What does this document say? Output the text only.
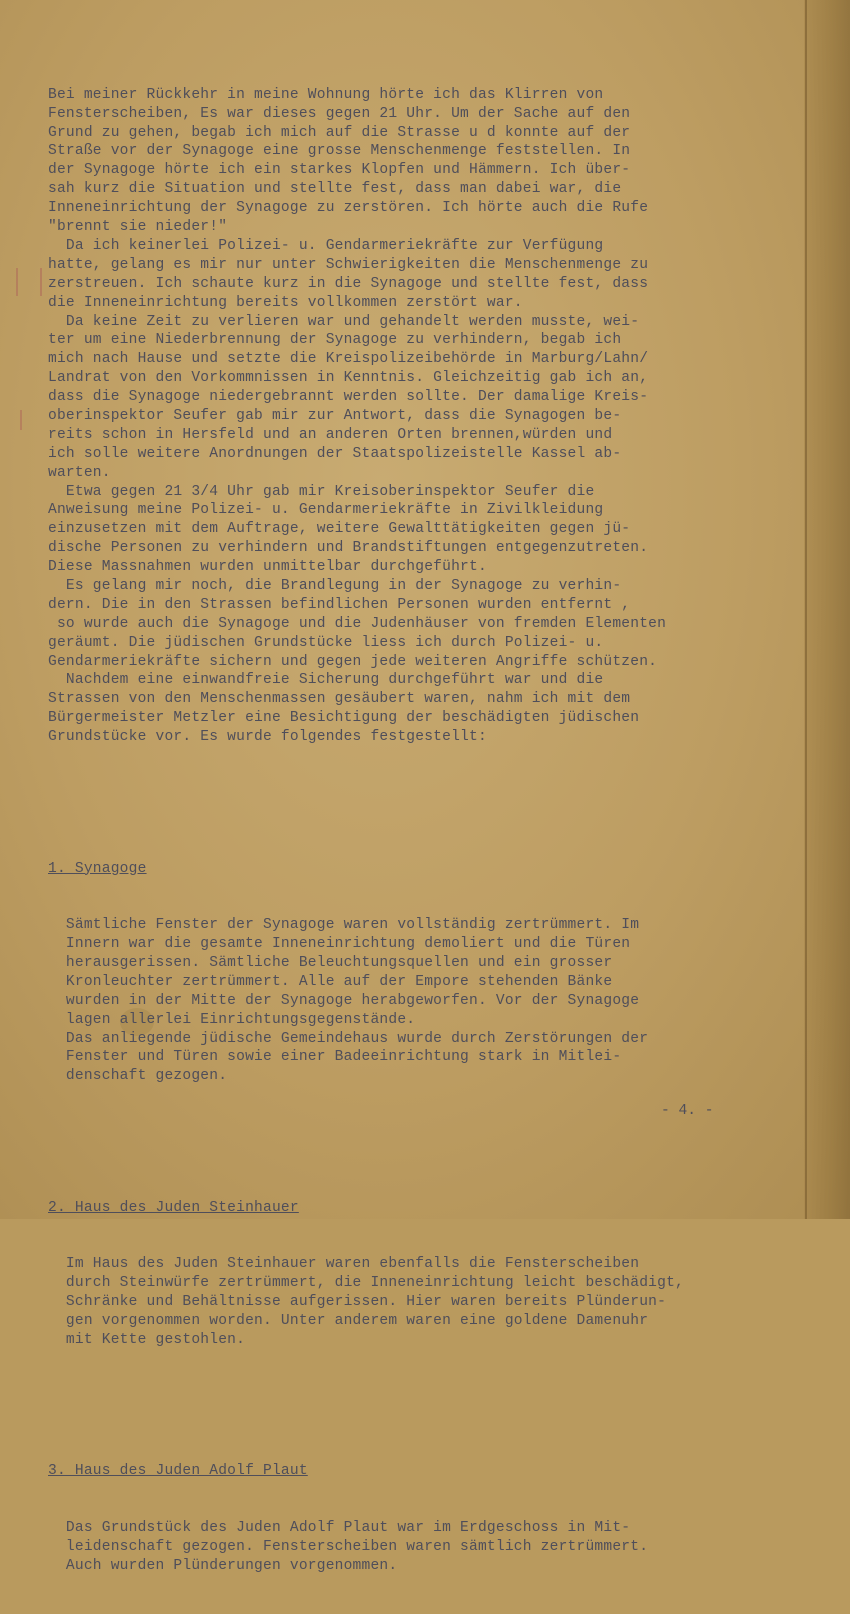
Bei meiner Rückkehr in meine Wohnung hörte ich das Klirren von
Fensterscheiben, Es war dieses gegen 21 Uhr. Um der Sache auf den
Grund zu gehen, begab ich mich auf die Strasse u d konnte auf der
Straße vor der Synagoge eine grosse Menschenmenge feststellen. In
der Synagoge hörte ich ein starkes Klopfen und Hämmern. Ich über-
sah kurz die Situation und stellte fest, dass man dabei war, die
Inneneinrichtung der Synagoge zu zerstören. Ich hörte auch die Rufe
"brennt sie nieder!"
Da ich keinerlei Polizei- u. Gendarmeriekräfte zur Verfügung
hatte, gelang es mir nur unter Schwierigkeiten die Menschenmenge zu
zerstreuen. Ich schaute kurz in die Synagoge und stellte fest, dass
die Inneneinrichtung bereits vollkommen zerstört war.
Da keine Zeit zu verlieren war und gehandelt werden musste, wei-
ter um eine Niederbrennung der Synagoge zu verhindern, begab ich
mich nach Hause und setzte die Kreispolizeibehörde in Marburg/Lahn/
Landrat von den Vorkommnissen in Kenntnis. Gleichzeitig gab ich an,
dass die Synagoge niedergebrannt werden sollte. Der damalige Kreis-
oberinspektor Seufer gab mir zur Antwort, dass die Synagogen be-
reits schon in Hersfeld und an anderen Orten brennen,würden und
ich solle weitere Anordnungen der Staatspolizeistelle Kassel ab-
warten.
Etwa gegen 21 3/4 Uhr gab mir Kreisoberinspektor Seufer die
Anweisung meine Polizei- u. Gendarmeriekräfte in Zivilkleidung
einzusetzen mit dem Auftrage, weitere Gewalttätigkeiten gegen jü-
dische Personen zu verhindern und Brandstiftungen entgegenzutreten.
Diese Massnahmen wurden unmittelbar durchgeführt.
Es gelang mir noch, die Brandlegung in der Synagoge zu verhin-
dern. Die in den Strassen befindlichen Personen wurden entfernt ,
so wurde auch die Synagoge und die Judenhäuser von fremden Elementen
geräumt. Die jüdischen Grundstücke liess ich durch Polizei- u.
Gendarmeriekräfte sichern und gegen jede weiteren Angriffe schützen.
Nachdem eine einwandfreie Sicherung durchgeführt war und die
Strassen von den Menschenmassen gesäubert waren, nahm ich mit dem
Bürgermeister Metzler eine Besichtigung der beschädigten jüdischen
Grundstücke vor. Es wurde folgendes festgestellt:

1. Synagoge

Sämtliche Fenster der Synagoge waren vollständig zertrümmert. Im
Innern war die gesamte Inneneinrichtung demoliert und die Türen
herausgerissen. Sämtliche Beleuchtungsquellen und ein grosser
Kronleuchter zertrümmert. Alle auf der Empore stehenden Bänke
wurden in der Mitte der Synagoge herabgeworfen. Vor der Synagoge
lagen allerlei Einrichtungsgegenstände.
Das anliegende jüdische Gemeindehaus wurde durch Zerstörungen der
Fenster und Türen sowie einer Badeeinrichtung stark in Mitlei-
denschaft gezogen.

2. Haus des Juden Steinhauer

Im Haus des Juden Steinhauer waren ebenfalls die Fensterscheiben
durch Steinwürfe zertrümmert, die Inneneinrichtung leicht beschädigt,
Schränke und Behältnisse aufgerissen. Hier waren bereits Plünderun-
gen vorgenommen worden. Unter anderem waren eine goldene Damenuhr
mit Kette gestohlen.

3. Haus des Juden Adolf Plaut

Das Grundstück des Juden Adolf Plaut war im Erdgeschoss in Mit-
leidenschaft gezogen. Fensterscheiben waren sämtlich zertrümmert.
Auch wurden Plünderungen vorgenommen.

- 4. -
